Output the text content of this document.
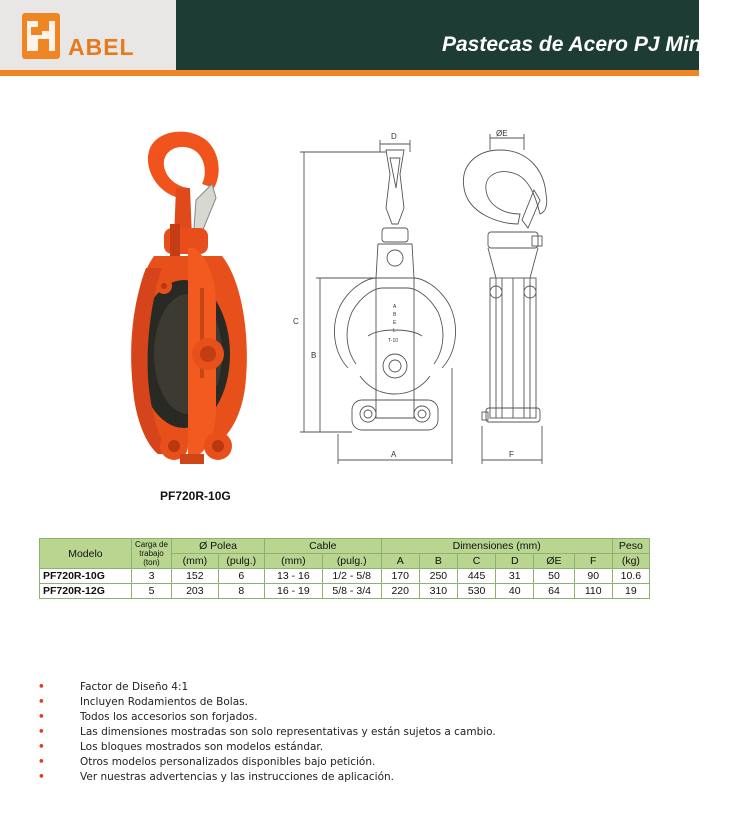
ABEL	Pastecas de Acero PJ Mineras
D
A
B
E
L
T-10
C
B
A
ØE
F
PF720R-10G
Modelo	Carga de trabajo (ton)	Ø Polea		Cable		Dimensiones (mm)						Peso
		(mm)	(pulg.)	(mm)	(pulg.)	A	B	C	D	ØE	F	(kg)
PF720R-10G	3	152	6	13 - 16	1/2 - 5/8	170	250	445	31	50	90	10.6
PF720R-12G	5	203	8	16 - 19	5/8 - 3/4	220	310	530	40	64	110	19
•	Factor de Diseño 4:1
•	Incluyen Rodamientos de Bolas.
•	Todos los accesorios son forjados.
•	Las dimensiones mostradas son solo representativas y están sujetos a cambio.
•	Los bloques mostrados son modelos estándar.
•	Otros modelos personalizados disponibles bajo petición.
•	Ver nuestras advertencias y las instrucciones de aplicación.
